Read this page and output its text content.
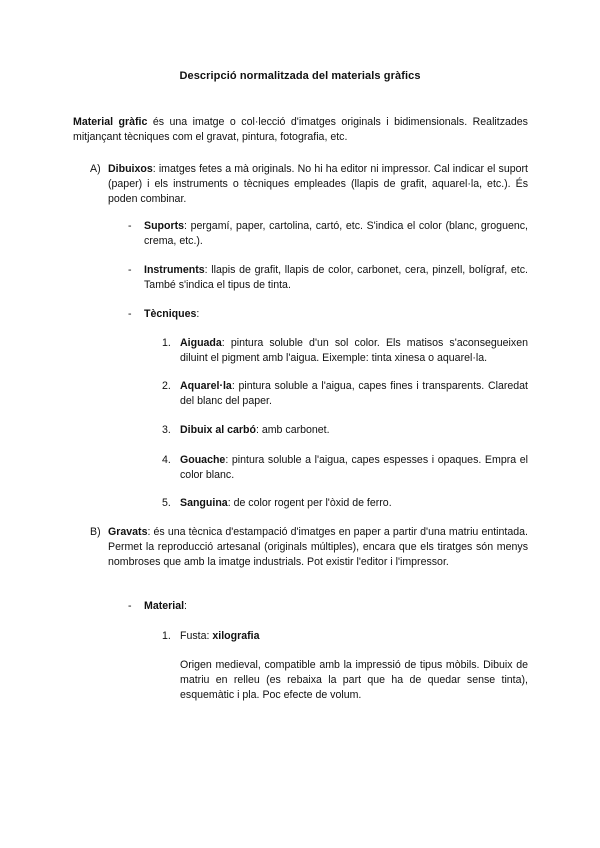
Descripció normalitzada del materials gràfics
Material gràfic és una imatge o col·lecció d'imatges originals i bidimensionals. Realitzades mitjançant tècniques com el gravat, pintura, fotografia, etc.
A) Dibuixos: imatges fetes a mà originals. No hi ha editor ni impressor. Cal indicar el suport (paper) i els instruments o tècniques empleades (llapis de grafit, aquarel·la, etc.). És poden combinar.
- Suports: pergamí, paper, cartolina, cartó, etc. S'indica el color (blanc, groguenc, crema, etc.).
- Instruments: llapis de grafit, llapis de color, carbonet, cera, pinzell, bolígraf, etc. També s'indica el tipus de tinta.
- Tècniques:
1. Aiguada: pintura soluble d'un sol color. Els matisos s'aconsegueixen diluint el pigment amb l'aigua. Eixemple: tinta xinesa o aquarel·la.
2. Aquarel·la: pintura soluble a l'aigua, capes fines i transparents. Claredat del blanc del paper.
3. Dibuix al carbó: amb carbonet.
4. Gouache: pintura soluble a l'aigua, capes espesses i opaques. Empra el color blanc.
5. Sanguina: de color rogent per l'òxid de ferro.
B) Gravats: és una tècnica d'estampació d'imatges en paper a partir d'una matriu entintada. Permet la reproducció artesanal (originals múltiples), encara que els tiratges són menys nombroses que amb la imatge industrials. Pot existir l'editor i l'impressor.
- Material:
1. Fusta: xilografia
Origen medieval, compatible amb la impressió de tipus mòbils. Dibuix de matriu en relleu (es rebaixa la part que ha de quedar sense tinta), esquemàtic i pla. Poc efecte de volum.
